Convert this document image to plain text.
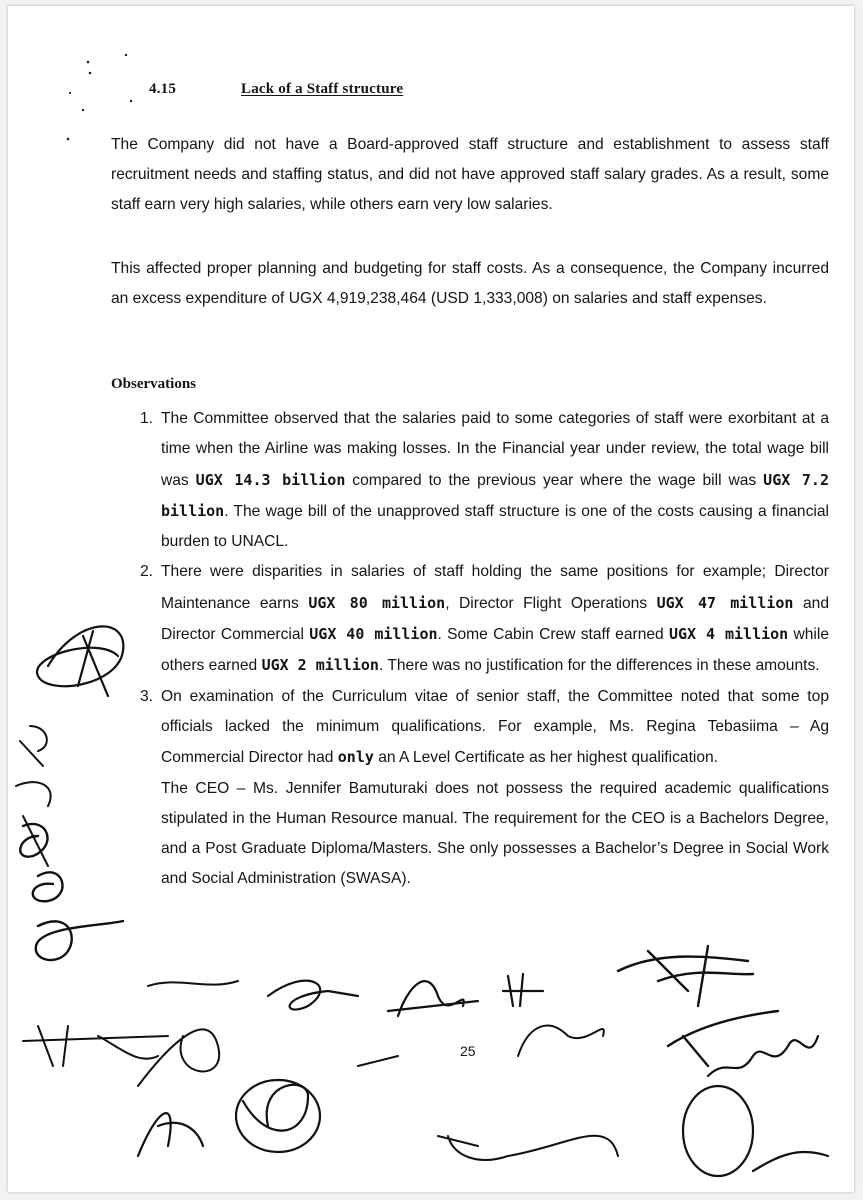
4.15	Lack of a Staff structure

The Company did not have a Board-approved staff structure and establishment to assess staff recruitment needs and staffing status, and did not have approved staff salary grades. As a result, some staff earn very high salaries, while others earn very low salaries.

This affected proper planning and budgeting for staff costs. As a consequence, the Company incurred an excess expenditure of UGX 4,919,238,464 (USD 1,333,008) on salaries and staff expenses.

Observations
1. The Committee observed that the salaries paid to some categories of staff were exorbitant at a time when the Airline was making losses. In the Financial year under review, the total wage bill was UGX 14.3 billion compared to the previous year where the wage bill was UGX 7.2 billion. The wage bill of the unapproved staff structure is one of the costs causing a financial burden to UNACL.
2. There were disparities in salaries of staff holding the same positions for example; Director Maintenance earns UGX 80 million, Director Flight Operations UGX 47 million and Director Commercial UGX 40 million. Some Cabin Crew staff earned UGX 4 million while others earned UGX 2 million. There was no justification for the differences in these amounts.
3. On examination of the Curriculum vitae of senior staff, the Committee noted that some top officials lacked the minimum qualifications. For example, Ms. Regina Tebasiima – Ag Commercial Director had only an A Level Certificate as her highest qualification.
The CEO – Ms. Jennifer Bamuturaki does not possess the required academic qualifications stipulated in the Human Resource manual. The requirement for the CEO is a Bachelors Degree, and a Post Graduate Diploma/Masters. She only possesses a Bachelor’s Degree in Social Work and Social Administration (SWASA).
25
